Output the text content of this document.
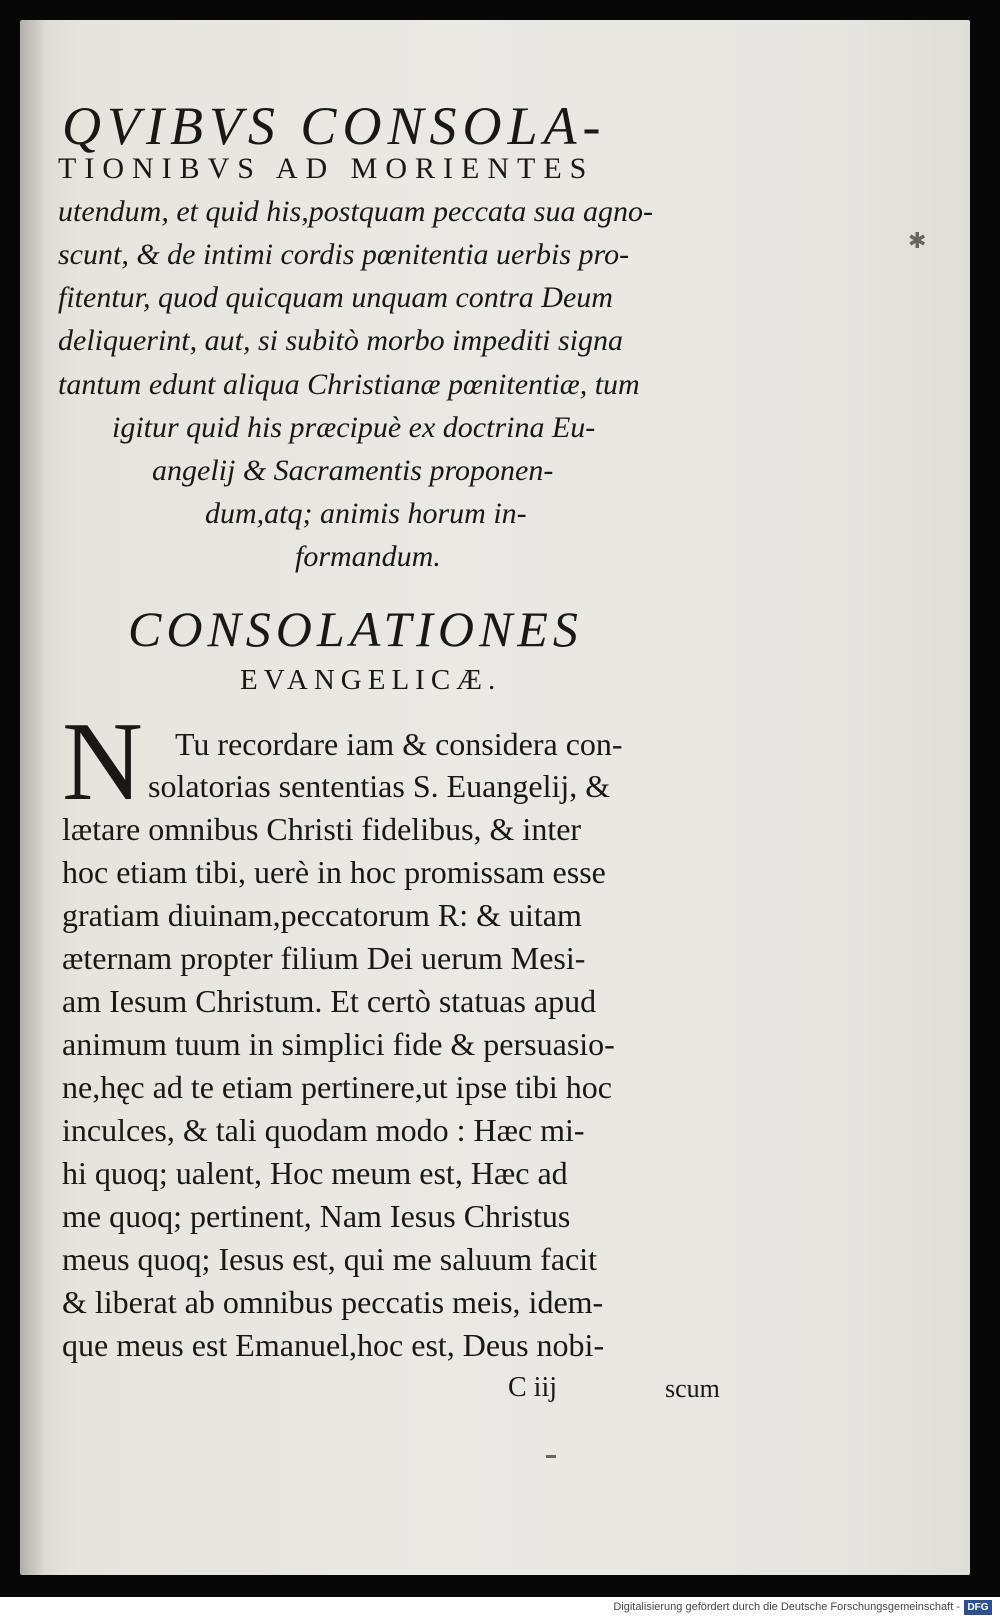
QVIBVS CONSOLA-
TIONIBVS AD MORIENTES
utendum, et quid his,postquam peccata sua agno-
scunt, & de intimi cordis pœnitentia uerbis pro-
fitentur, quod quicquam unquam contra Deum
deliquerint, aut, si subitò morbo impediti signa
tantum edunt aliqua Christianæ pœnitentiæ, tum
igitur quid his præcipuè ex doctrina Eu-
angelij & Sacramentis proponen-
dum,atq; animis horum in-
formandum.
CONSOLATIONES
EVANGELICÆ.
N Tu recordare iam & considera con-
solatorias sententias S. Euangelij, &
lætare omnibus Christi fidelibus, & inter
hoc etiam tibi, uerè in hoc promissam esse
gratiam diuinam,peccatorum R: & uitam
æternam propter filium Dei uerum Mesi-
am Iesum Christum. Et certò statuas apud
animum tuum in simplici fide & persuasio-
ne,hęc ad te etiam pertinere,ut ipse tibi hoc
inculces, & tali quodam modo : Hæc mi-
hi quoq; ualent, Hoc meum est, Hæc ad
me quoq; pertinent, Nam Iesus Christus
meus quoq; Iesus est, qui me saluum facit
& liberat ab omnibus peccatis meis, idem-
que meus est Emanuel,hoc est, Deus nobi-
C iij	scum
✱
Digitalisierung gefördert durch die Deutsche Forschungsgemeinschaft - DFG
